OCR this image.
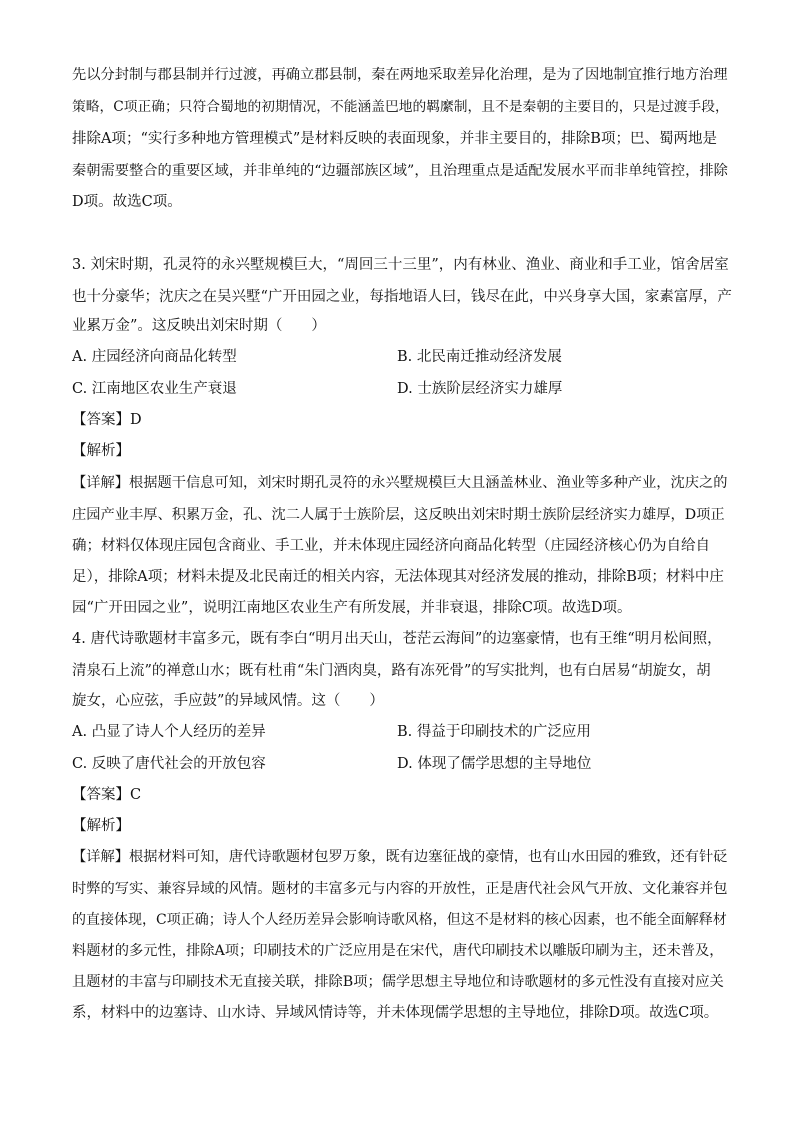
先以分封制与郡县制并行过渡，再确立郡县制，秦在两地采取差异化治理，是为了因地制宜推行地方治理

策略，C项正确；只符合蜀地的初期情况，不能涵盖巴地的羁縻制，且不是秦朝的主要目的，只是过渡手段，

排除A项；“实行多种地方管理模式”是材料反映的表面现象，并非主要目的，排除B项；巴、蜀两地是

秦朝需要整合的重要区域，并非单纯的“边疆部族区域”，且治理重点是适配发展水平而非单纯管控，排除

D项。故选C项。

3. 刘宋时期，孔灵符的永兴墅规模巨大，“周回三十三里”，内有林业、渔业、商业和手工业，馆舍居室

也十分豪华；沈庆之在吴兴墅“广开田园之业，每指地语人曰，钱尽在此，中兴身享大国，家素富厚，产

业累万金”。这反映出刘宋时期（　　）

A. 庄园经济向商品化转型	B. 北民南迁推动经济发展
C. 江南地区农业生产衰退	D. 士族阶层经济实力雄厚

【答案】D

【解析】

【详解】根据题干信息可知，刘宋时期孔灵符的永兴墅规模巨大且涵盖林业、渔业等多种产业，沈庆之的

庄园产业丰厚、积累万金，孔、沈二人属于士族阶层，这反映出刘宋时期士族阶层经济实力雄厚，D项正

确；材料仅体现庄园包含商业、手工业，并未体现庄园经济向商品化转型（庄园经济核心仍为自给自

足），排除A项；材料未提及北民南迁的相关内容，无法体现其对经济发展的推动，排除B项；材料中庄

园“广开田园之业”，说明江南地区农业生产有所发展，并非衰退，排除C项。故选D项。

4. 唐代诗歌题材丰富多元，既有李白“明月出天山，苍茫云海间”的边塞豪情，也有王维“明月松间照，

清泉石上流”的禅意山水；既有杜甫“朱门酒肉臭，路有冻死骨”的写实批判，也有白居易“胡旋女，胡

旋女，心应弦，手应鼓”的异域风情。这（　　）

A. 凸显了诗人个人经历的差异	B. 得益于印刷技术的广泛应用
C. 反映了唐代社会的开放包容	D. 体现了儒学思想的主导地位

【答案】C

【解析】

【详解】根据材料可知，唐代诗歌题材包罗万象，既有边塞征战的豪情，也有山水田园的雅致，还有针砭

时弊的写实、兼容异域的风情。题材的丰富多元与内容的开放性，正是唐代社会风气开放、文化兼容并包

的直接体现，C项正确；诗人个人经历差异会影响诗歌风格，但这不是材料的核心因素，也不能全面解释材

料题材的多元性，排除A项；印刷技术的广泛应用是在宋代，唐代印刷技术以雕版印刷为主，还未普及，

且题材的丰富与印刷技术无直接关联，排除B项；儒学思想主导地位和诗歌题材的多元性没有直接对应关

系，材料中的边塞诗、山水诗、异域风情诗等，并未体现儒学思想的主导地位，排除D项。故选C项。
